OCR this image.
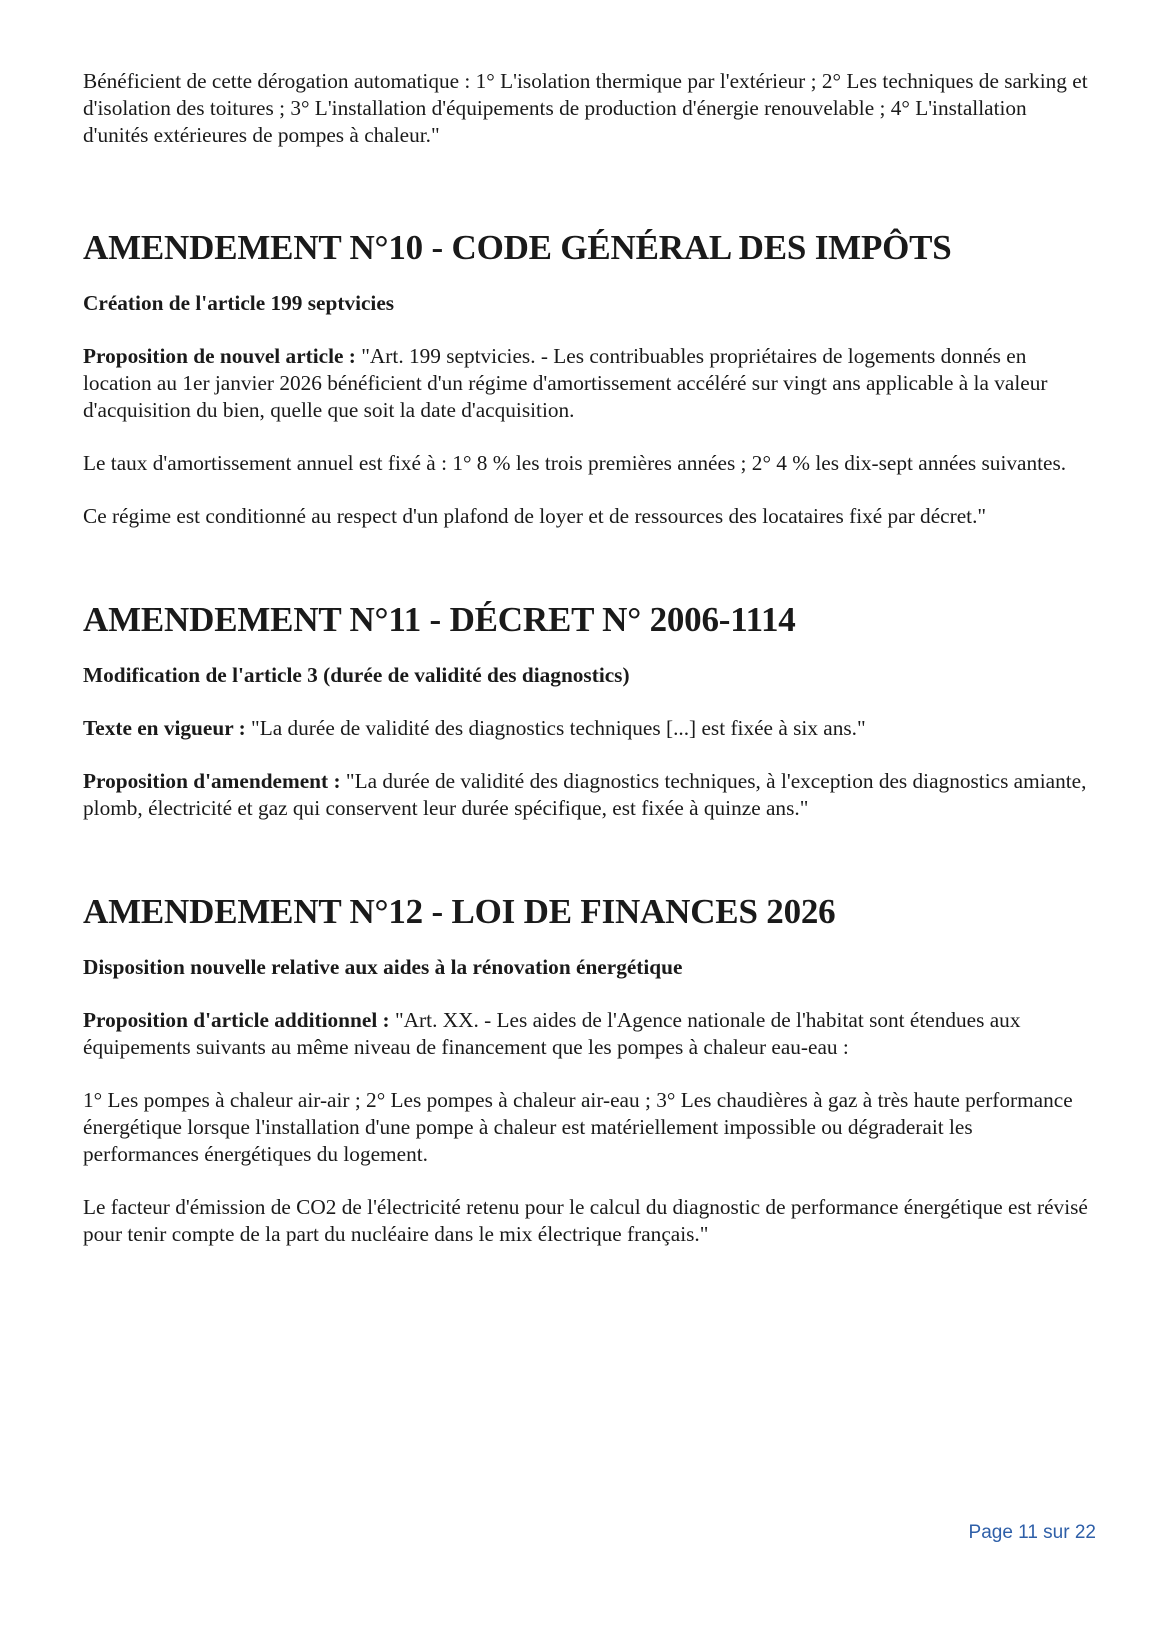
Bénéficient de cette dérogation automatique : 1° L'isolation thermique par l'extérieur ; 2° Les techniques de sarking et d'isolation des toitures ; 3° L'installation d'équipements de production d'énergie renouvelable ; 4° L'installation d'unités extérieures de pompes à chaleur."

AMENDEMENT N°10 - CODE GÉNÉRAL DES IMPÔTS
Création de l'article 199 septvicies

Proposition de nouvel article : "Art. 199 septvicies. - Les contribuables propriétaires de logements donnés en location au 1er janvier 2026 bénéficient d'un régime d'amortissement accéléré sur vingt ans applicable à la valeur d'acquisition du bien, quelle que soit la date d'acquisition.

Le taux d'amortissement annuel est fixé à : 1° 8 % les trois premières années ; 2° 4 % les dix-sept années suivantes.

Ce régime est conditionné au respect d'un plafond de loyer et de ressources des locataires fixé par décret."

AMENDEMENT N°11 - DÉCRET N° 2006-1114
Modification de l'article 3 (durée de validité des diagnostics)

Texte en vigueur : "La durée de validité des diagnostics techniques [...] est fixée à six ans."

Proposition d'amendement : "La durée de validité des diagnostics techniques, à l'exception des diagnostics amiante, plomb, électricité et gaz qui conservent leur durée spécifique, est fixée à quinze ans."

AMENDEMENT N°12 - LOI DE FINANCES 2026
Disposition nouvelle relative aux aides à la rénovation énergétique

Proposition d'article additionnel : "Art. XX. - Les aides de l'Agence nationale de l'habitat sont étendues aux équipements suivants au même niveau de financement que les pompes à chaleur eau-eau :

1° Les pompes à chaleur air-air ; 2° Les pompes à chaleur air-eau ; 3° Les chaudières à gaz à très haute performance énergétique lorsque l'installation d'une pompe à chaleur est matériellement impossible ou dégraderait les performances énergétiques du logement.

Le facteur d'émission de CO2 de l'électricité retenu pour le calcul du diagnostic de performance énergétique est révisé pour tenir compte de la part du nucléaire dans le mix électrique français."

Page 11 sur 22
